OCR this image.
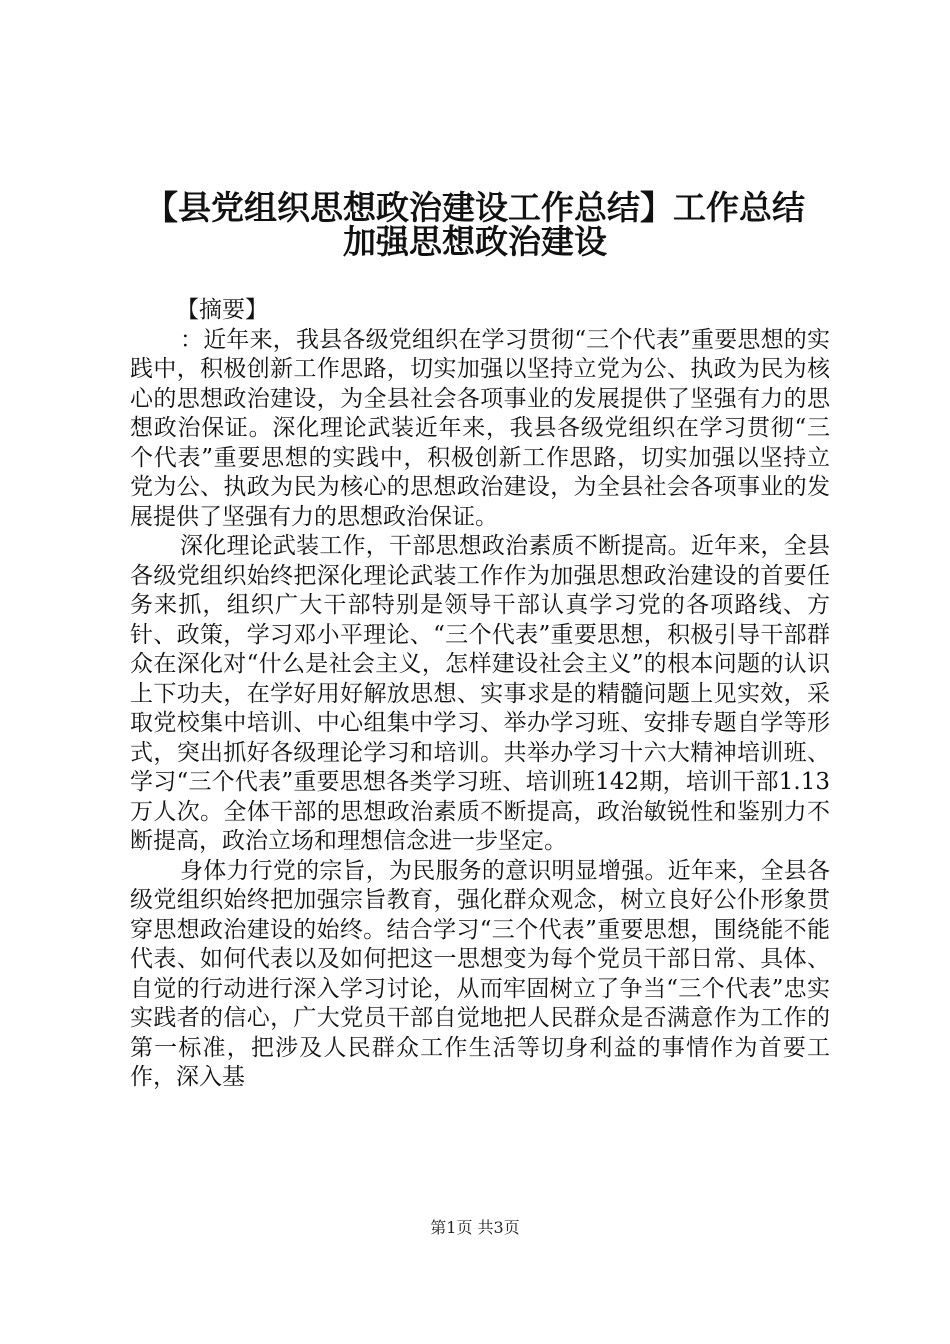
【县党组织思想政治建设工作总结】工作总结
加强思想政治建设

【摘要】

：近年来，我县各级党组织在学习贯彻“三个代表”重要思想的实践中，积极创新工作思路，切实加强以坚持立党为公、执政为民为核心的思想政治建设，为全县社会各项事业的发展提供了坚强有力的思想政治保证。深化理论武装近年来，我县各级党组织在学习贯彻“三个代表”重要思想的实践中，积极创新工作思路，切实加强以坚持立党为公、执政为民为核心的思想政治建设，为全县社会各项事业的发展提供了坚强有力的思想政治保证。

深化理论武装工作，干部思想政治素质不断提高。近年来，全县各级党组织始终把深化理论武装工作作为加强思想政治建设的首要任务来抓，组织广大干部特别是领导干部认真学习党的各项路线、方针、政策，学习邓小平理论、“三个代表”重要思想，积极引导干部群众在深化对“什么是社会主义，怎样建设社会主义”的根本问题的认识上下功夫，在学好用好解放思想、实事求是的精髓问题上见实效，采取党校集中培训、中心组集中学习、举办学习班、安排专题自学等形式，突出抓好各级理论学习和培训。共举办学习十六大精神培训班、学习“三个代表”重要思想各类学习班、培训班142期，培训干部1.13万人次。全体干部的思想政治素质不断提高，政治敏锐性和鉴别力不断提高，政治立场和理想信念进一步坚定。

身体力行党的宗旨，为民服务的意识明显增强。近年来，全县各级党组织始终把加强宗旨教育，强化群众观念，树立良好公仆形象贯穿思想政治建设的始终。结合学习“三个代表”重要思想，围绕能不能代表、如何代表以及如何把这一思想变为每个党员干部日常、具体、自觉的行动进行深入学习讨论，从而牢固树立了争当“三个代表”忠实实践者的信心，广大党员干部自觉地把人民群众是否满意作为工作的第一标准，把涉及人民群众工作生活等切身利益的事情作为首要工作，深入基

第1页 共3页
